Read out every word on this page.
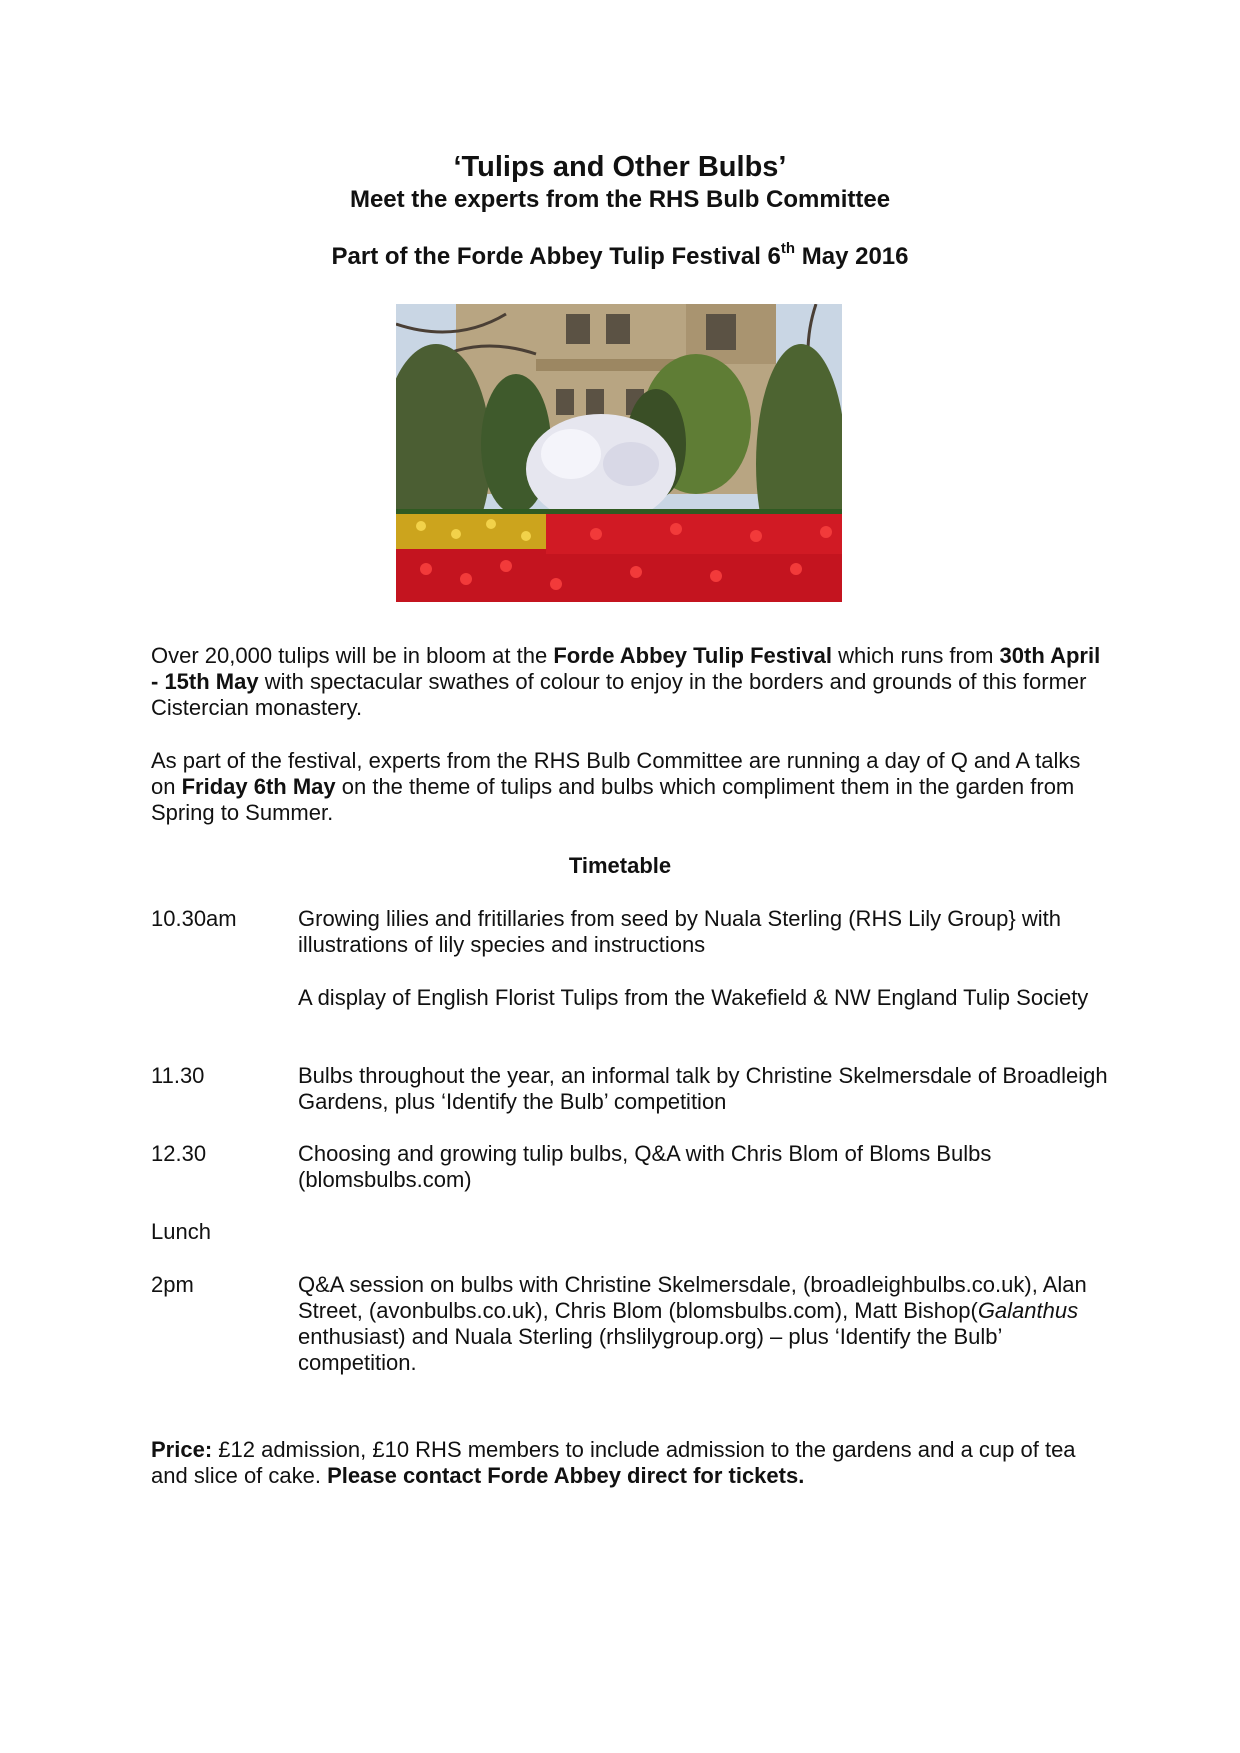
‘Tulips and Other Bulbs’
Meet the experts from the RHS Bulb Committee
Part of the Forde Abbey Tulip Festival 6th May 2016

Over 20,000 tulips will be in bloom at the Forde Abbey Tulip Festival which runs from 30th April - 15th May with spectacular swathes of colour to enjoy in the borders and grounds of this former Cistercian monastery.

As part of the festival, experts from the RHS Bulb Committee are running a day of Q and A talks on Friday 6th May on the theme of tulips and bulbs which compliment them in the garden from Spring to Summer.

Timetable
10.30am	Growing lilies and fritillaries from seed by Nuala Sterling (RHS Lily Group} with illustrations of lily species and instructions
A display of English Florist Tulips from the Wakefield & NW England Tulip Society
11.30	Bulbs throughout the year, an informal talk by Christine Skelmersdale of Broadleigh Gardens, plus ‘Identify the Bulb’ competition
12.30	Choosing and growing tulip bulbs, Q&A with Chris Blom of Bloms Bulbs (blomsbulbs.com)
Lunch
2pm	Q&A session on bulbs with Christine Skelmersdale, (broadleighbulbs.co.uk), Alan Street, (avonbulbs.co.uk), Chris Blom (blomsbulbs.com), Matt Bishop(Galanthus enthusiast) and Nuala Sterling (rhslilygroup.org) – plus ‘Identify the Bulb’ competition.
Price: £12 admission, £10 RHS members to include admission to the gardens and a cup of tea and slice of cake. Please contact Forde Abbey direct for tickets.
